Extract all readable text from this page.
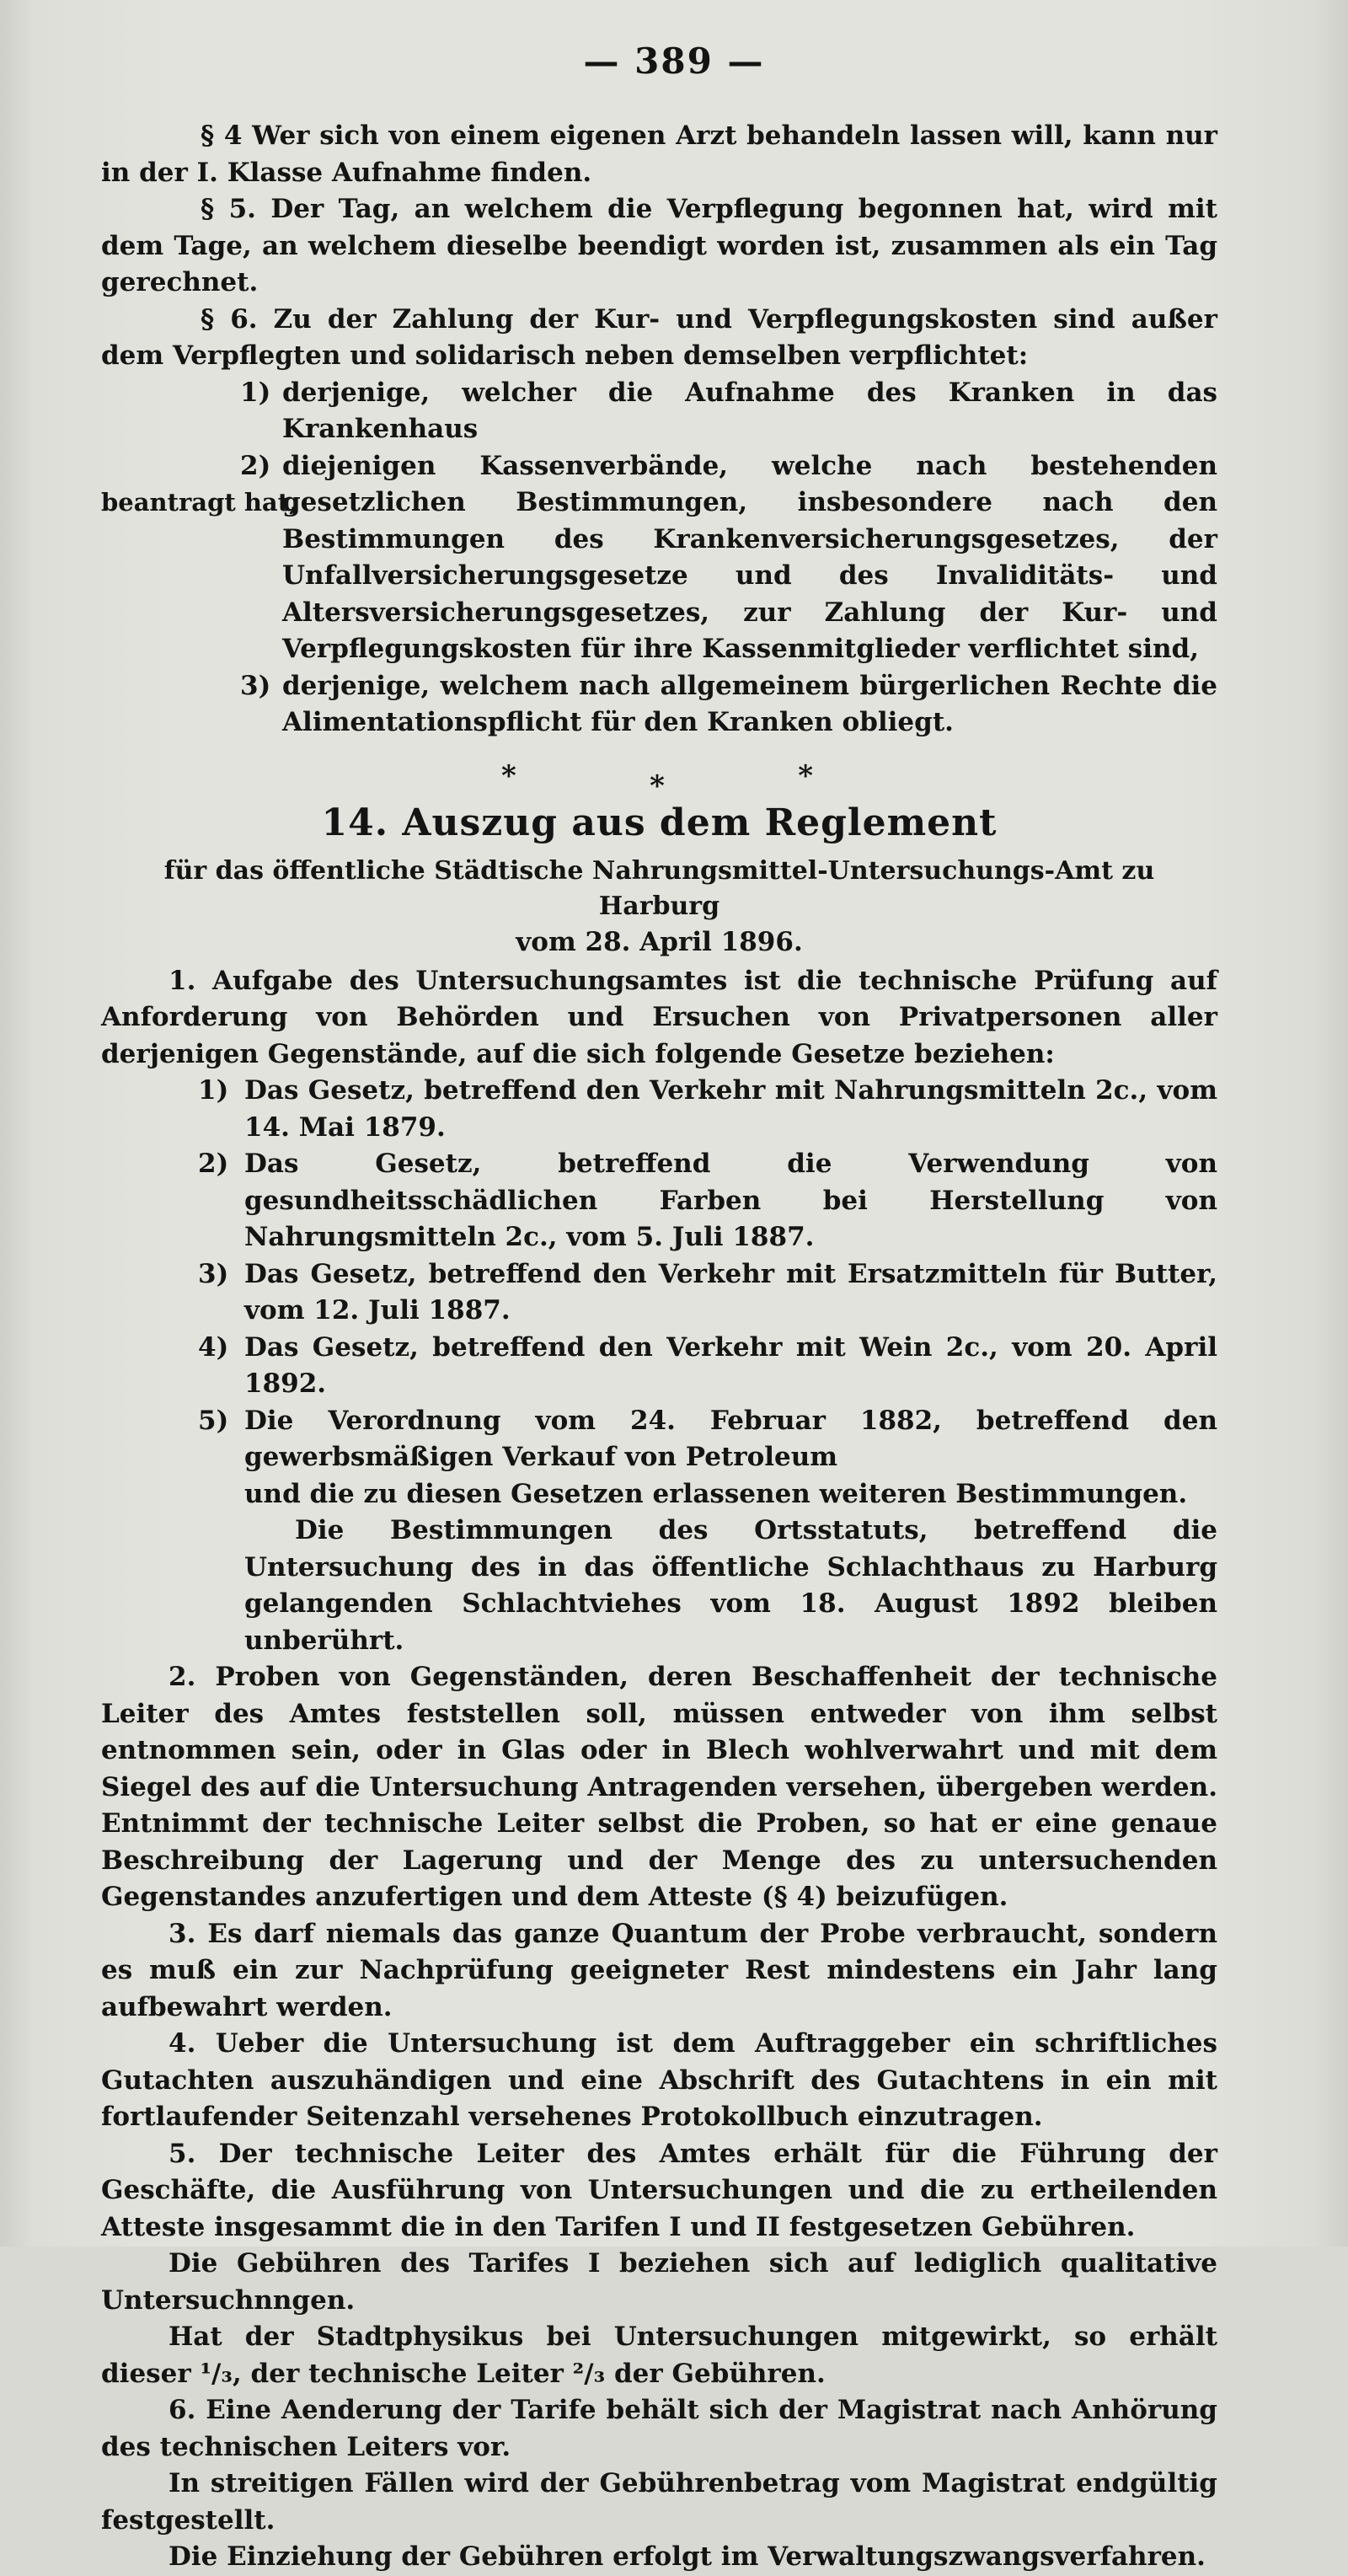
— 389 —

§ 4 Wer sich von einem eigenen Arzt behandeln lassen will, kann nur in der I. Klasse Aufnahme finden.

§ 5. Der Tag, an welchem die Verpflegung begonnen hat, wird mit dem Tage, an welchem dieselbe beendigt worden ist, zusammen als ein Tag gerechnet.

§ 6. Zu der Zahlung der Kur- und Verpflegungskosten sind außer dem Verpflegten und solidarisch neben demselben verpflichtet:

1) derjenige, welcher die Aufnahme des Kranken in das Krankenhaus
2) diejenigen Kassenverbände, welche nach bestehenden gesetzlichen Bestimmungen, insbesondere nach den Bestimmungen des Krankenversicherungsgesetzes, der Unfallversicherungsgesetze und des Invaliditäts- und Altersversicherungsgesetzes, zur Zahlung der Kur- und Verpflegungskosten für ihre Kassenmitglieder verflichtet sind,
beantragt hat,
3) derjenige, welchem nach allgemeinem bürgerlichen Rechte die Alimentationspflicht für den Kranken obliegt.
*	*	*
14. Auszug aus dem Reglement
für das öffentliche Städtische Nahrungsmittel-Untersuchungs-Amt zu Harburg
vom 28. April 1896.

1. Aufgabe des Untersuchungsamtes ist die technische Prüfung auf Anforderung von Behörden und Ersuchen von Privatpersonen aller derjenigen Gegenstände, auf die sich folgende Gesetze beziehen:

1) Das Gesetz, betreffend den Verkehr mit Nahrungsmitteln 2c., vom 14. Mai 1879.
2) Das Gesetz, betreffend die Verwendung von gesundheitsschädlichen Farben bei Herstellung von Nahrungsmitteln 2c., vom 5. Juli 1887.
3) Das Gesetz, betreffend den Verkehr mit Ersatzmitteln für Butter, vom 12. Juli 1887.
4) Das Gesetz, betreffend den Verkehr mit Wein 2c., vom 20. April 1892.
5) Die Verordnung vom 24. Februar 1882, betreffend den gewerbsmäßigen Verkauf von Petroleum

und die zu diesen Gesetzen erlassenen weiteren Bestimmungen.

Die Bestimmungen des Ortsstatuts, betreffend die Untersuchung des in das öffentliche Schlachthaus zu Harburg gelangenden Schlachtviehes vom 18. August 1892 bleiben unberührt.

2. Proben von Gegenständen, deren Beschaffenheit der technische Leiter des Amtes feststellen soll, müssen entweder von ihm selbst entnommen sein, oder in Glas oder in Blech wohlverwahrt und mit dem Siegel des auf die Untersuchung Antragenden versehen, übergeben werden. Entnimmt der technische Leiter selbst die Proben, so hat er eine genaue Beschreibung der Lagerung und der Menge des zu untersuchenden Gegenstandes anzufertigen und dem Atteste (§ 4) beizufügen.

3. Es darf niemals das ganze Quantum der Probe verbraucht, sondern es muß ein zur Nachprüfung geeigneter Rest mindestens ein Jahr lang aufbewahrt werden.

4. Ueber die Untersuchung ist dem Auftraggeber ein schriftliches Gutachten auszuhändigen und eine Abschrift des Gutachtens in ein mit fortlaufender Seitenzahl versehenes Protokollbuch einzutragen.

5. Der technische Leiter des Amtes erhält für die Führung der Geschäfte, die Ausführung von Untersuchungen und die zu ertheilenden Atteste insgesammt die in den Tarifen I und II festgesetzen Gebühren.

Die Gebühren des Tarifes I beziehen sich auf lediglich qualitative Untersuchnngen.

Hat der Stadtphysikus bei Untersuchungen mitgewirkt, so erhält dieser ¹/₃, der technische Leiter ²/₃ der Gebühren.

6. Eine Aenderung der Tarife behält sich der Magistrat nach Anhörung des technischen Leiters vor.

In streitigen Fällen wird der Gebührenbetrag vom Magistrat endgültig festgestellt.

Die Einziehung der Gebühren erfolgt im Verwaltungszwangsverfahren.
